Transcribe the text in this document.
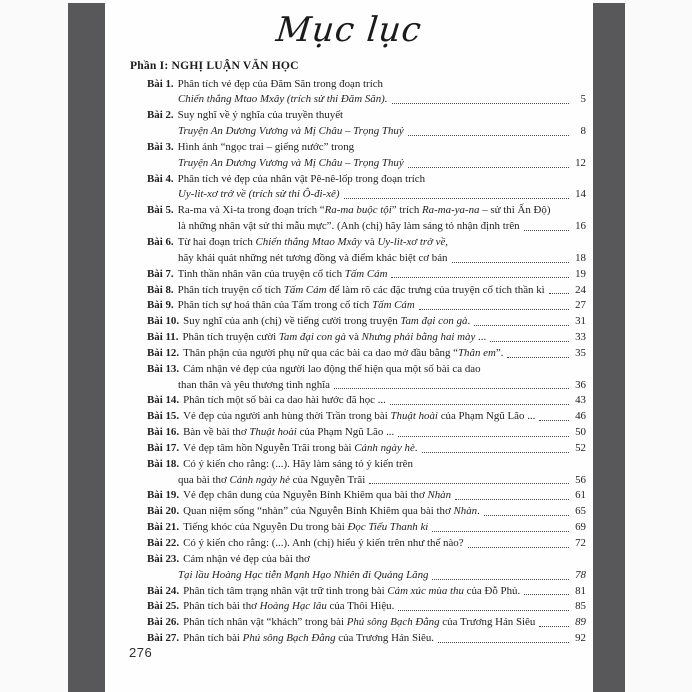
Mục lục
Phần I: NGHỊ LUẬN VĂN HỌC
Bài 1. Phân tích vẻ đẹp của Đăm Săn trong đoạn trích
Chiến thắng Mtao Mxây (trích sử thi Đăm Săn).	5
Bài 2. Suy nghĩ về ý nghĩa của truyền thuyết
Truyện An Dương Vương và Mị Châu – Trọng Thuỷ	8
Bài 3. Hình ảnh “ngọc trai – giếng nước” trong
Truyện An Dương Vương và Mị Châu – Trọng Thuỷ	12
Bài 4. Phân tích vẻ đẹp của nhân vật Pê-nê-lốp trong đoạn trích
Uy-lit-xơ trở về (trích sử thi Ô-đi-xê)	14
Bài 5. Ra-ma và Xi-ta trong đoạn trích “Ra-ma buộc tội” trích Ra-ma-ya-na – sử thi Ấn Độ)
là những nhân vật sử thi mẫu mực”. (Anh (chị) hãy làm sáng tỏ nhận định trên	16
Bài 6. Từ hai đoạn trích Chiến thắng Mtao Mxây và Uy-lit-xơ trở về,
hãy khái quát những nét tương đồng và điểm khác biệt cơ bản	18
Bài 7. Tinh thần nhân văn của truyện cổ tích Tấm Cám	19
Bài 8. Phân tích truyện cổ tích Tấm Cám để làm rõ các đặc trưng của truyện cổ tích thần kì	24
Bài 9. Phân tích sự hoá thân của Tấm trong cổ tích Tấm Cám	27
Bài 10. Suy nghĩ của anh (chị) về tiếng cười trong truyện Tam đại con gà.	31
Bài 11. Phân tích truyện cười Tam đại con gà và Nhưng phải bằng hai mày ...	33
Bài 12. Thân phận của người phụ nữ qua các bài ca dao mở đầu bằng “Thân em”.	35
Bài 13. Cảm nhận vẻ đẹp của người lao động thể hiện qua một số bài ca dao
than thân và yêu thương tình nghĩa	36
Bài 14. Phân tích một số bài ca dao hài hước đã học ...	43
Bài 15. Vẻ đẹp của người anh hùng thời Trần trong bài Thuật hoài của Phạm Ngũ Lão ...	46
Bài 16. Bàn về bài thơ Thuật hoài của Phạm Ngũ Lão ...	50
Bài 17. Vẻ đẹp tâm hồn Nguyễn Trãi trong bài Cảnh ngày hè.	52
Bài 18. Có ý kiến cho rằng: (...). Hãy làm sáng tỏ ý kiến trên
qua bài thơ Cảnh ngày hè của Nguyễn Trãi	56
Bài 19. Vẻ đẹp chân dung của Nguyễn Bỉnh Khiêm qua bài thơ Nhàn	61
Bài 20. Quan niệm sống “nhàn” của Nguyễn Bỉnh Khiêm qua bài thơ Nhàn.	65
Bài 21. Tiếng khóc của Nguyễn Du trong bài Đọc Tiểu Thanh kí	69
Bài 22. Có ý kiến cho rằng: (...). Anh (chị) hiểu ý kiến trên như thế nào?	72
Bài 23. Cảm nhận vẻ đẹp của bài thơ
Tại lầu Hoàng Hạc tiễn Mạnh Hạo Nhiên đi Quảng Lăng	78
Bài 24. Phân tích tâm trạng nhân vật trữ tình trong bài Cảm xúc mùa thu của Đỗ Phủ.	81
Bài 25. Phân tích bài thơ Hoàng Hạc lâu của Thôi Hiệu.	85
Bài 26. Phân tích nhân vật “khách” trong bài Phú sông Bạch Đằng của Trương Hán Siêu	89
Bài 27. Phân tích bài Phú sông Bạch Đằng của Trương Hán Siêu.	92
276
